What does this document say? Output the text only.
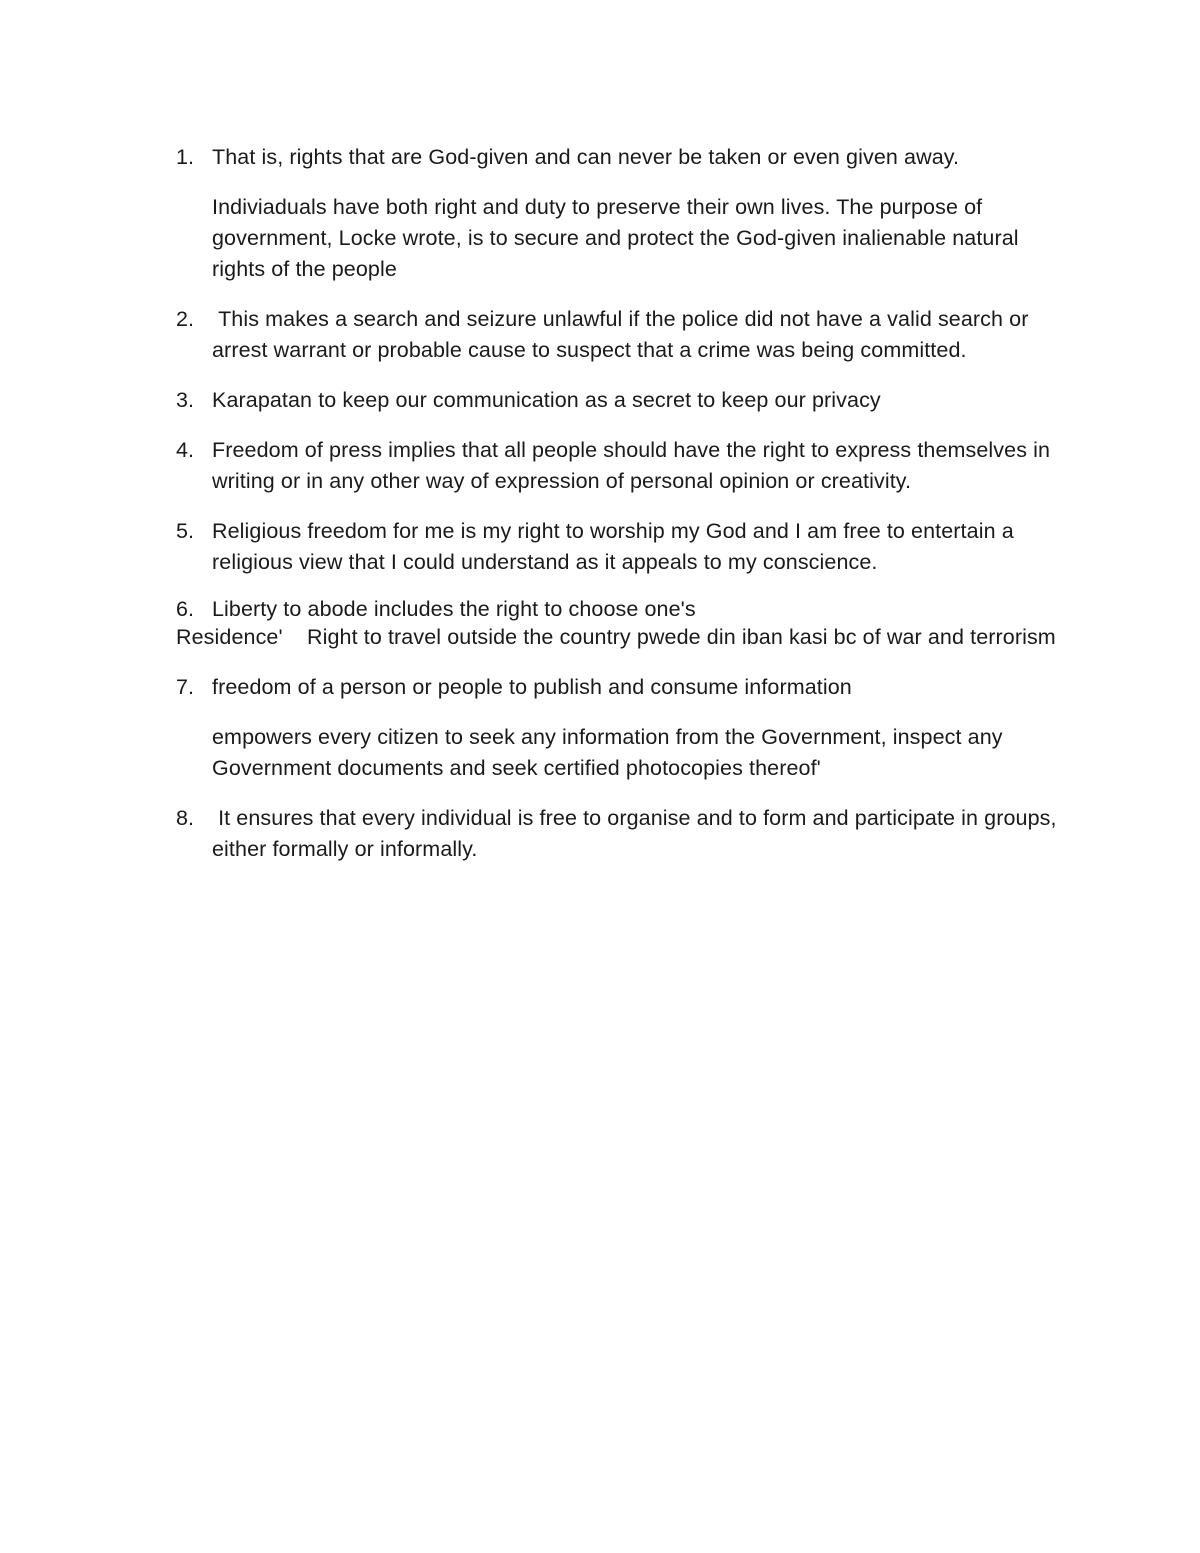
1. That is, rights that are God-given and can never be taken or even given away.

Indiviaduals have both right and duty to preserve their own lives. The purpose of government, Locke wrote, is to secure and protect the God-given inalienable natural rights of the people

2. This makes a search and seizure unlawful if the police did not have a valid search or arrest warrant or probable cause to suspect that a crime was being committed.

3. Karapatan to keep our communication as a secret to keep our privacy

4. Freedom of press implies that all people should have the right to express themselves in writing or in any other way of expression of personal opinion or creativity.

5. Religious freedom for me is my right to worship my God and I am free to entertain a religious view that I could understand as it appeals to my conscience.

6. Liberty to abode includes the right to choose one's

Residence'    Right to travel outside the country pwede din iban kasi bc of war and terrorism

7. freedom of a person or people to publish and consume information

empowers every citizen to seek any information from the Government, inspect any Government documents and seek certified photocopies thereof'

8. It ensures that every individual is free to organise and to form and participate in groups, either formally or informally.
